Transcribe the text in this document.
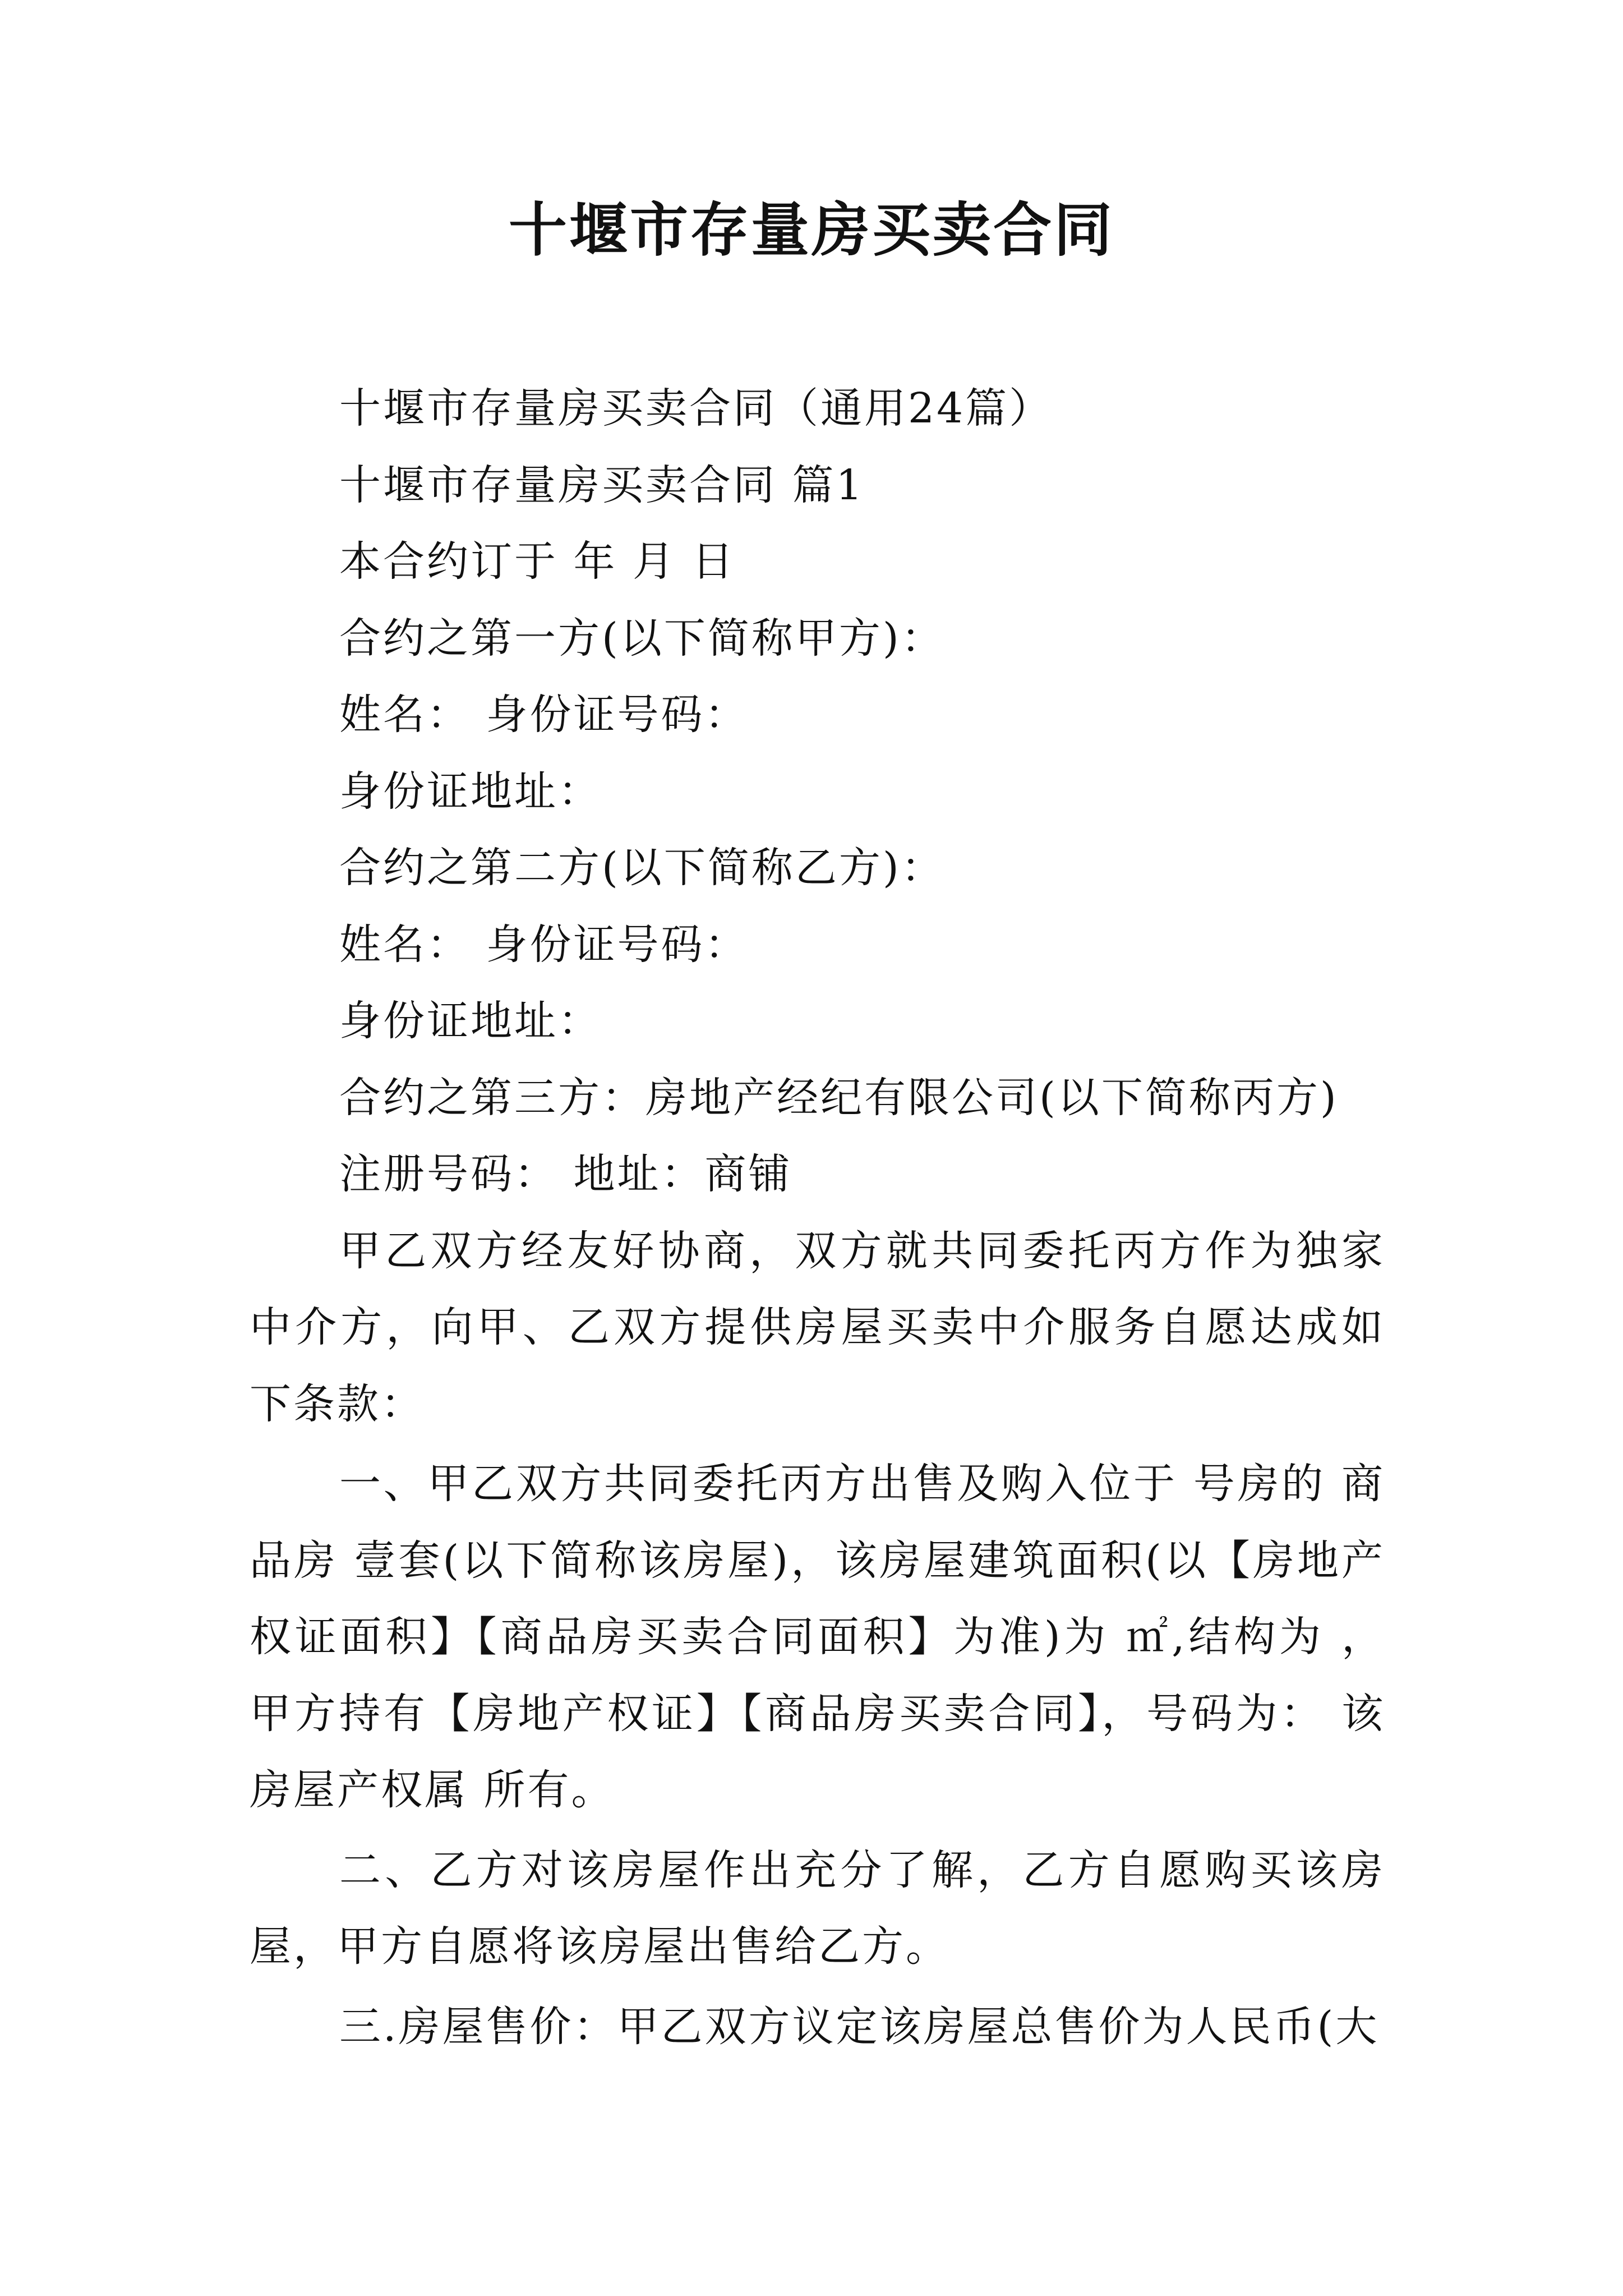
十堰市存量房买卖合同
十堰市存量房买卖合同（通用24篇）
十堰市存量房买卖合同 篇1
本合约订于 年 月 日
合约之第一方(以下简称甲方)：
姓名： 身份证号码：
身份证地址：
合约之第二方(以下简称乙方)：
姓名： 身份证号码：
身份证地址：
合约之第三方：房地产经纪有限公司(以下简称丙方)
注册号码： 地址：商铺
甲乙双方经友好协商，双方就共同委托丙方作为独家中介方，向甲、乙双方提供房屋买卖中介服务自愿达成如下条款：
一、甲乙双方共同委托丙方出售及购入位于 号房的 商品房 壹套(以下简称该房屋)，该房屋建筑面积(以【房地产权证面积】【商品房买卖合同面积】为准)为 ㎡,结构为 ，甲方持有【房地产权证】【商品房买卖合同】，号码为： 该房屋产权属 所有。
二、乙方对该房屋作出充分了解，乙方自愿购买该房屋，甲方自愿将该房屋出售给乙方。
三.房屋售价：甲乙双方议定该房屋总售价为人民币(大
